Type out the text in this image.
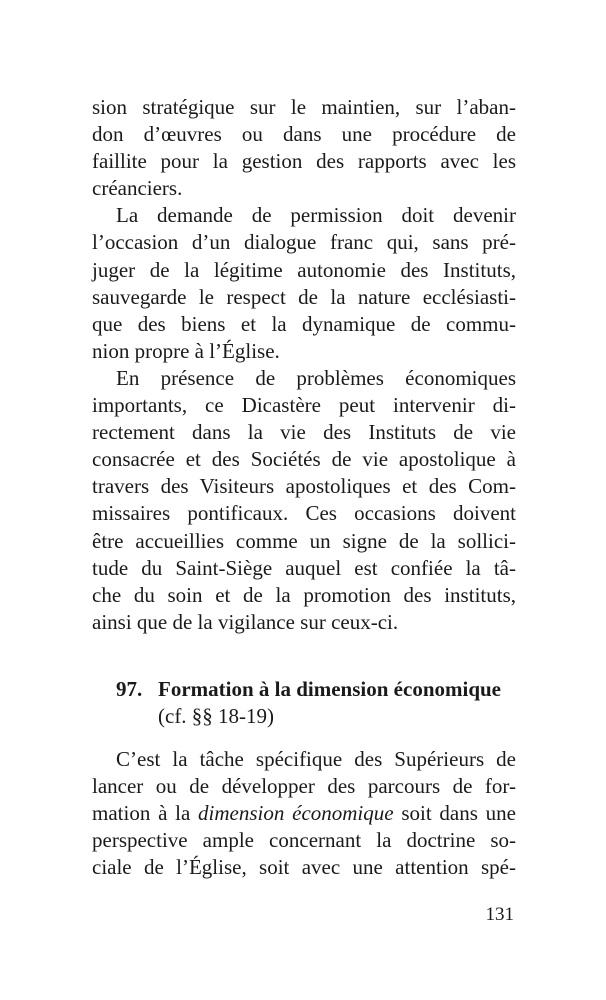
sion stratégique sur le maintien, sur l’aban-
don d’œuvres ou dans une procédure de
faillite pour la gestion des rapports avec les
créanciers.

La demande de permission doit devenir
l’occasion d’un dialogue franc qui, sans pré-
juger de la légitime autonomie des Instituts,
sauvegarde le respect de la nature ecclésiasti-
que des biens et la dynamique de commu-
nion propre à l’Église.

En présence de problèmes économiques
importants, ce Dicastère peut intervenir di-
rectement dans la vie des Instituts de vie
consacrée et des Sociétés de vie apostolique à
travers des Visiteurs apostoliques et des Com-
missaires pontificaux. Ces occasions doivent
être accueillies comme un signe de la sollici-
tude du Saint-Siège auquel est confiée la tâ-
che du soin et de la promotion des instituts,
ainsi que de la vigilance sur ceux-ci.

97. Formation à la dimension économique
(cf. §§ 18-19)

C’est la tâche spécifique des Supérieurs de
lancer ou de développer des parcours de for-
mation à la dimension économique soit dans une
perspective ample concernant la doctrine so-
ciale de l’Église, soit avec une attention spé-

131
